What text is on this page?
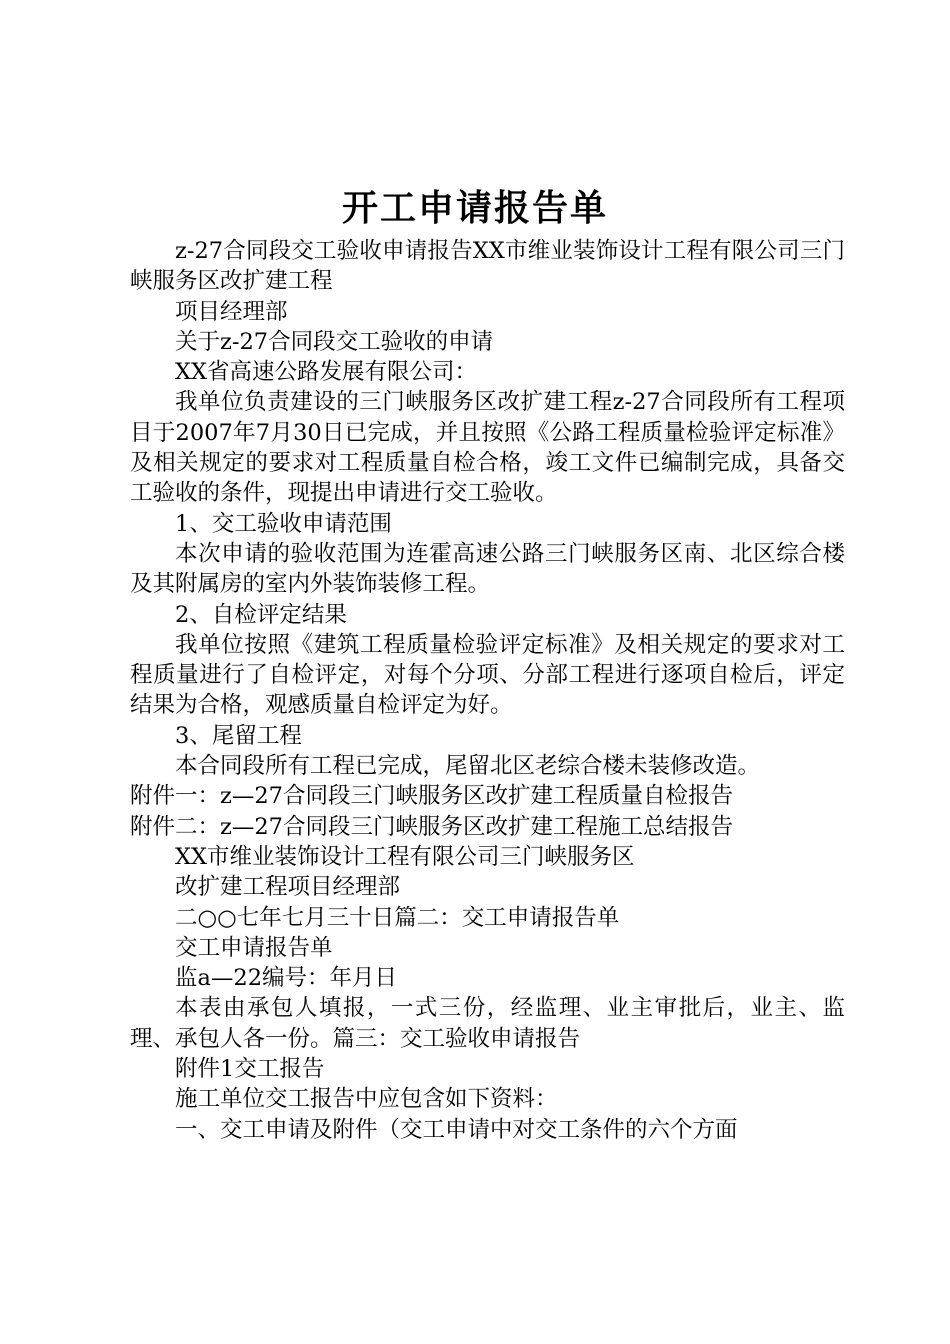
开工申请报告单

z-27合同段交工验收申请报告XX市维业装饰设计工程有限公司三门峡服务区改扩建工程

项目经理部

关于z-27合同段交工验收的申请

XX省高速公路发展有限公司：

我单位负责建设的三门峡服务区改扩建工程z-27合同段所有工程项目于2007年7月30日已完成，并且按照《公路工程质量检验评定标准》及相关规定的要求对工程质量自检合格，竣工文件已编制完成，具备交工验收的条件，现提出申请进行交工验收。

1、交工验收申请范围

本次申请的验收范围为连霍高速公路三门峡服务区南、北区综合楼及其附属房的室内外装饰装修工程。

2、自检评定结果

我单位按照《建筑工程质量检验评定标准》及相关规定的要求对工程质量进行了自检评定，对每个分项、分部工程进行逐项自检后，评定结果为合格，观感质量自检评定为好。

3、尾留工程

本合同段所有工程已完成，尾留北区老综合楼未装修改造。

附件一：z—27合同段三门峡服务区改扩建工程质量自检报告

附件二：z—27合同段三门峡服务区改扩建工程施工总结报告

XX市维业装饰设计工程有限公司三门峡服务区

改扩建工程项目经理部

二○○七年七月三十日篇二：交工申请报告单

交工申请报告单

监a—22编号：年月日

本表由承包人填报，一式三份，经监理、业主审批后，业主、监理、承包人各一份。篇三：交工验收申请报告

附件1交工报告

施工单位交工报告中应包含如下资料：

一、交工申请及附件（交工申请中对交工条件的六个方面
